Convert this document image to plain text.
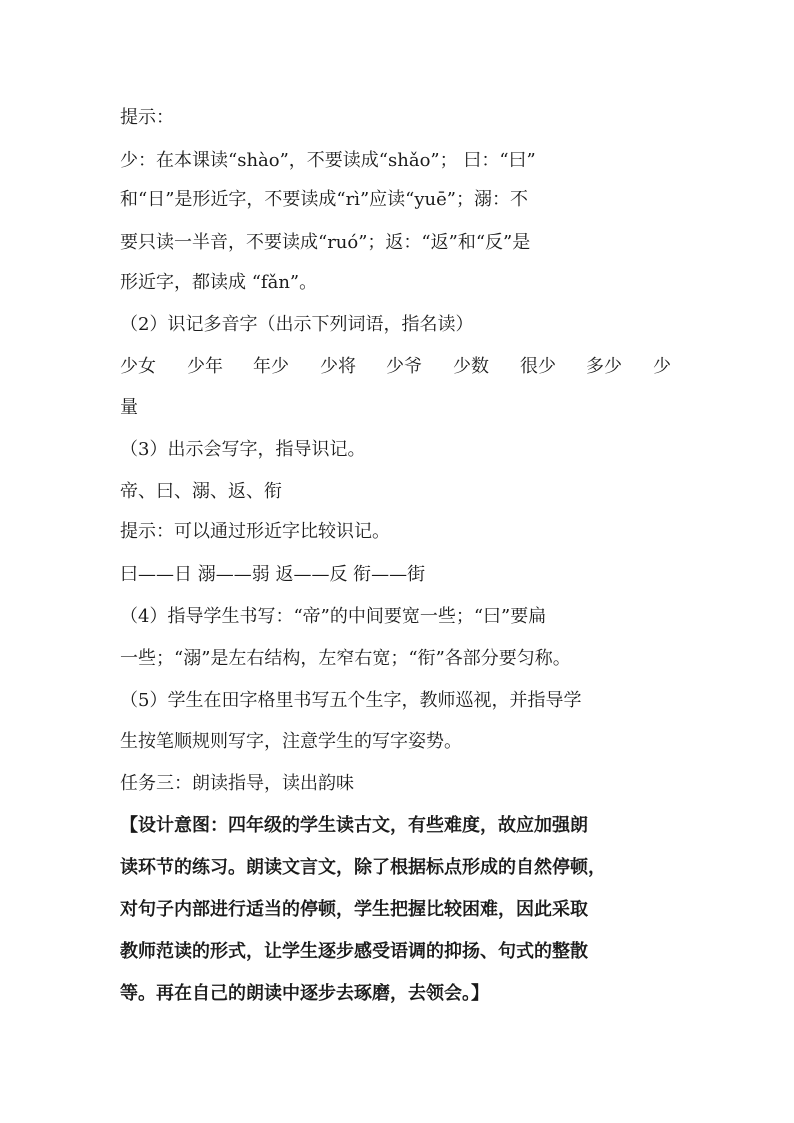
提示：
少：在本课读“shào”，不要读成“shǎo”； 曰：“曰”
和“日”是形近字，不要读成“rì”应读“yuē”；溺：不
要只读一半音，不要读成“ruó”；返：“返”和“反”是
形近字，都读成 “fǎn”。
（2）识记多音字（出示下列词语，指名读）
少女 少年 年少 少将 少爷 少数 很少 多少 少
量
（3）出示会写字，指导识记。
帝、曰、溺、返、衔
提示：可以通过形近字比较识记。
曰——日 溺——弱 返——反 衔——街
（4）指导学生书写：“帝”的中间要宽一些；“曰”要扁
一些；“溺”是左右结构，左窄右宽；“衔”各部分要匀称。
（5）学生在田字格里书写五个生字，教师巡视，并指导学
生按笔顺规则写字，注意学生的写字姿势。
任务三：朗读指导，读出韵味
【设计意图：四年级的学生读古文，有些难度，故应加强朗
读环节的练习。朗读文言文，除了根据标点形成的自然停顿，
对句子内部进行适当的停顿，学生把握比较困难，因此采取
教师范读的形式，让学生逐步感受语调的抑扬、句式的整散
等。再在自己的朗读中逐步去琢磨，去领会。】
